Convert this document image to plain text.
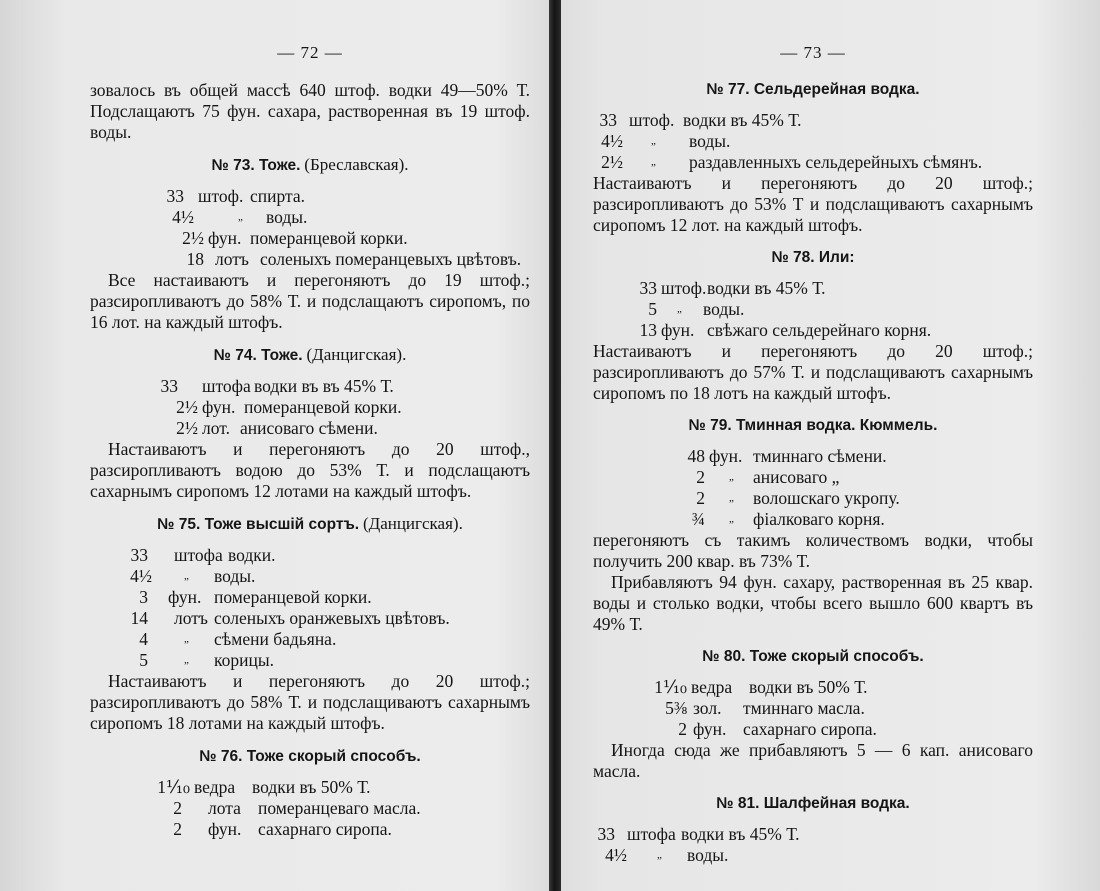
— 72 —

зовалось въ общей массѣ 640 штоф. водки 49—50% Т. Подслащаютъ 75 фун. сахара, растворенная въ 19 штоф. воды.

№ 73. Тоже. (Бреславская).
33 штоф. спирта.
4½	„ воды.
2½ фун. померанцевой корки.
18 лотъ соленыхъ померанцевыхъ цвѣтовъ.

Все настаиваютъ и перегоняютъ до 19 штоф.; разсиропливаютъ до 58% Т. и подслащаютъ сиропомъ, по 16 лот. на каждый штофъ.

№ 74. Тоже. (Данцигская).
33 штофа водки въ въ 45% Т.
2½ фун. померанцевой корки.
2½ лот. анисоваго сѣмени.

Настаиваютъ и перегоняютъ до 20 штоф., разсиропливаютъ водою до 53% Т. и подслащаютъ сахарнымъ сиропомъ 12 лотами на каждый штофъ.

№ 75. Тоже высшій сортъ. (Данцигская).
33 штофа водки.
4½	„ воды.
3 фун. померанцевой корки.
14 лотъ соленыхъ оранжевыхъ цвѣтовъ.
4	„ сѣмени бадьяна.
5	„ корицы.

Настаиваютъ и перегоняютъ до 20 штоф.; разсиропливаютъ до 58% Т. и подслащиваютъ сахарнымъ сиропомъ 18 лотами на каждый штофъ.

№ 76. Тоже скорый способъ.
1⅒ ведра водки въ 50% Т.
2 лота померанцеваго масла.
2 фун. сахарнаго сиропа.
— 73 —
№ 77. Сельдерейная водка.
33 штоф. водки въ 45% Т.
4½	„ воды.
2½	„ раздавленныхъ сельдерейныхъ сѣмянъ.

Настаиваютъ и перегоняютъ до 20 штоф.; разсиропливаютъ до 53% Т и подслащиваютъ сахарнымъ сиропомъ 12 лот. на каждый штофъ.

№ 78. Или:
33 штоф. водки въ 45% Т.
5 „ воды.
13 фун. свѣжаго сельдерейнаго корня.

Настаиваютъ и перегоняютъ до 20 штоф.; разсиропливаютъ до 57% Т. и подслащиваютъ сахарнымъ сиропомъ по 18 лотъ на каждый штофъ.

№ 79. Тминная водка. Кюммель.
48 фун. тминнаго сѣмени.
2 „ анисоваго „
2 „ волошскаго укропу.
¾ „ фіалковаго корня.

перегоняютъ съ такимъ количествомъ водки, чтобы получить 200 квар. въ 73% Т.

Прибавляютъ 94 фун. сахару, растворенная въ 25 квар. воды и столько водки, чтобы всего вышло 600 квартъ въ 49% Т.

№ 80. Тоже скорый способъ.
1⅒ ведра водки въ 50% Т.
5⅜ зол. тминнаго масла.
2 фун. сахарнаго сиропа.

Иногда сюда же прибавляютъ 5 — 6 кап. анисоваго масла.

№ 81. Шалфейная водка.
33 штофа водки въ 45% Т.
4½	„ воды.
